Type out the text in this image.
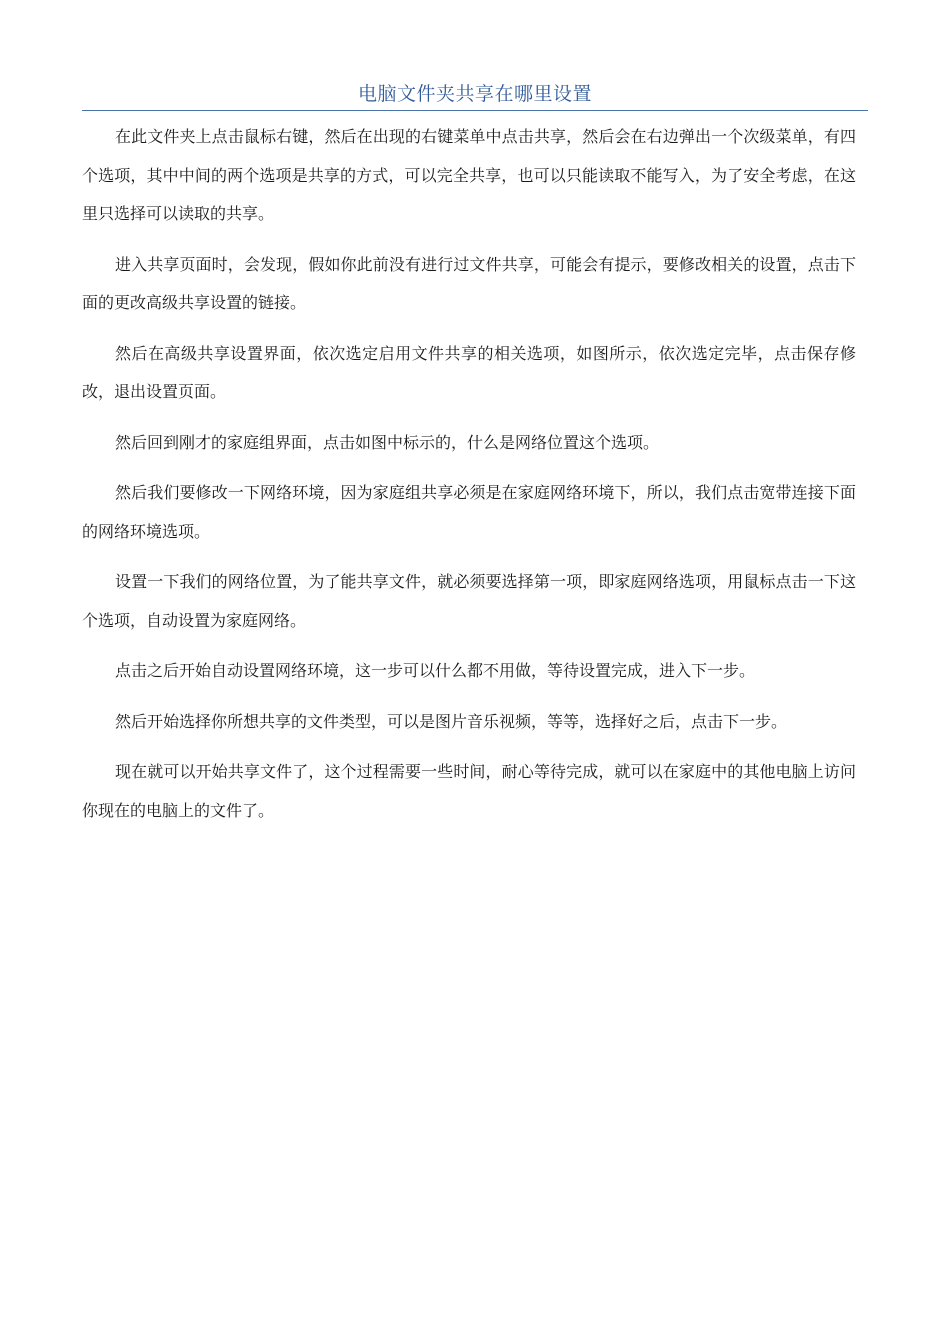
电脑文件夹共享在哪里设置

在此文件夹上点击鼠标右键，然后在出现的右键菜单中点击共享，然后会在右边弹出一个次级菜单，有四个选项，其中中间的两个选项是共享的方式，可以完全共享，也可以只能读取不能写入，为了安全考虑，在这里只选择可以读取的共享。

进入共享页面时，会发现，假如你此前没有进行过文件共享，可能会有提示，要修改相关的设置，点击下面的更改高级共享设置的链接。

然后在高级共享设置界面，依次选定启用文件共享的相关选项，如图所示，依次选定完毕，点击保存修改，退出设置页面。

然后回到刚才的家庭组界面，点击如图中标示的，什么是网络位置这个选项。

然后我们要修改一下网络环境，因为家庭组共享必须是在家庭网络环境下，所以，我们点击宽带连接下面的网络环境选项。

设置一下我们的网络位置，为了能共享文件，就必须要选择第一项，即家庭网络选项，用鼠标点击一下这个选项，自动设置为家庭网络。

点击之后开始自动设置网络环境，这一步可以什么都不用做，等待设置完成，进入下一步。

然后开始选择你所想共享的文件类型，可以是图片音乐视频，等等，选择好之后，点击下一步。

现在就可以开始共享文件了，这个过程需要一些时间，耐心等待完成，就可以在家庭中的其他电脑上访问你现在的电脑上的文件了。
